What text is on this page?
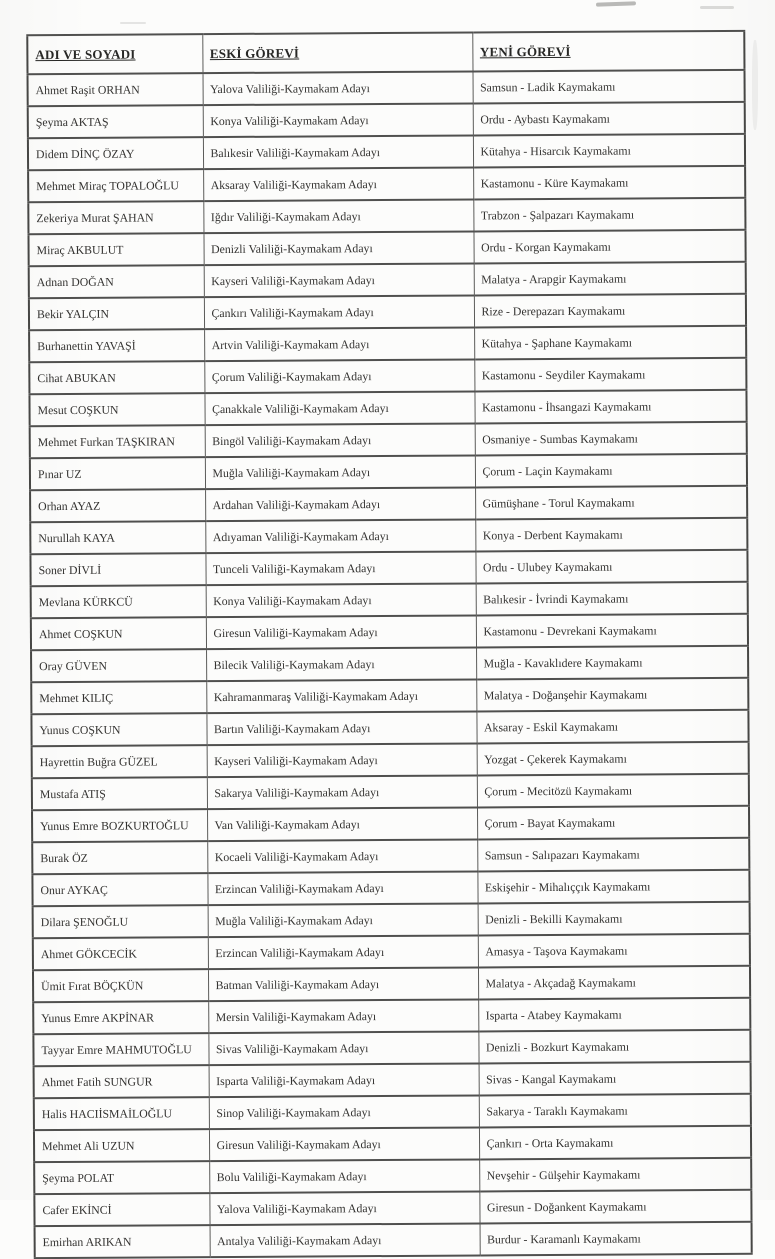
ADI VE SOYADI	ESKİ GÖREVİ	YENİ GÖREVİ
Ahmet Raşit ORHAN	Yalova Valiliği-Kaymakam Adayı	Samsun - Ladik Kaymakamı
Şeyma AKTAŞ	Konya Valiliği-Kaymakam Adayı	Ordu - Aybastı Kaymakamı
Didem DİNÇ ÖZAY	Balıkesir Valiliği-Kaymakam Adayı	Kütahya - Hisarcık Kaymakamı
Mehmet Miraç TOPALOĞLU	Aksaray Valiliği-Kaymakam Adayı	Kastamonu - Küre Kaymakamı
Zekeriya Murat ŞAHAN	Iğdır Valiliği-Kaymakam Adayı	Trabzon - Şalpazarı Kaymakamı
Miraç AKBULUT	Denizli Valiliği-Kaymakam Adayı	Ordu - Korgan Kaymakamı
Adnan DOĞAN	Kayseri Valiliği-Kaymakam Adayı	Malatya - Arapgir Kaymakamı
Bekir YALÇIN	Çankırı Valiliği-Kaymakam Adayı	Rize - Derepazarı Kaymakamı
Burhanettin YAVAŞİ	Artvin Valiliği-Kaymakam Adayı	Kütahya - Şaphane Kaymakamı
Cihat ABUKAN	Çorum Valiliği-Kaymakam Adayı	Kastamonu - Seydiler Kaymakamı
Mesut COŞKUN	Çanakkale Valiliği-Kaymakam Adayı	Kastamonu - İhsangazi Kaymakamı
Mehmet Furkan TAŞKIRAN	Bingöl Valiliği-Kaymakam Adayı	Osmaniye - Sumbas Kaymakamı
Pınar UZ	Muğla Valiliği-Kaymakam Adayı	Çorum - Laçin Kaymakamı
Orhan AYAZ	Ardahan Valiliği-Kaymakam Adayı	Gümüşhane - Torul Kaymakamı
Nurullah KAYA	Adıyaman Valiliği-Kaymakam Adayı	Konya - Derbent Kaymakamı
Soner DİVLİ	Tunceli Valiliği-Kaymakam Adayı	Ordu - Ulubey Kaymakamı
Mevlana KÜRKCÜ	Konya Valiliği-Kaymakam Adayı	Balıkesir - İvrindi Kaymakamı
Ahmet COŞKUN	Giresun Valiliği-Kaymakam Adayı	Kastamonu - Devrekani Kaymakamı
Oray GÜVEN	Bilecik Valiliği-Kaymakam Adayı	Muğla - Kavaklıdere Kaymakamı
Mehmet KILIÇ	Kahramanmaraş Valiliği-Kaymakam Adayı	Malatya - Doğanşehir Kaymakamı
Yunus COŞKUN	Bartın Valiliği-Kaymakam Adayı	Aksaray - Eskil Kaymakamı
Hayrettin Buğra GÜZEL	Kayseri Valiliği-Kaymakam Adayı	Yozgat - Çekerek Kaymakamı
Mustafa ATIŞ	Sakarya Valiliği-Kaymakam Adayı	Çorum - Mecitözü Kaymakamı
Yunus Emre BOZKURTOĞLU	Van Valiliği-Kaymakam Adayı	Çorum - Bayat Kaymakamı
Burak ÖZ	Kocaeli Valiliği-Kaymakam Adayı	Samsun - Salıpazarı Kaymakamı
Onur AYKAÇ	Erzincan Valiliği-Kaymakam Adayı	Eskişehir - Mihalıççık Kaymakamı
Dilara ŞENOĞLU	Muğla Valiliği-Kaymakam Adayı	Denizli - Bekilli Kaymakamı
Ahmet GÖKCECİK	Erzincan Valiliği-Kaymakam Adayı	Amasya - Taşova Kaymakamı
Ümit Fırat BÖÇKÜN	Batman Valiliği-Kaymakam Adayı	Malatya - Akçadağ Kaymakamı
Yunus Emre AKPİNAR	Mersin Valiliği-Kaymakam Adayı	Isparta - Atabey Kaymakamı
Tayyar Emre MAHMUTOĞLU	Sivas Valiliği-Kaymakam Adayı	Denizli - Bozkurt Kaymakamı
Ahmet Fatih SUNGUR	Isparta Valiliği-Kaymakam Adayı	Sivas - Kangal Kaymakamı
Halis HACIİSMAİLOĞLU	Sinop Valiliği-Kaymakam Adayı	Sakarya - Taraklı Kaymakamı
Mehmet Ali UZUN	Giresun Valiliği-Kaymakam Adayı	Çankırı - Orta Kaymakamı
Şeyma POLAT	Bolu Valiliği-Kaymakam Adayı	Nevşehir - Gülşehir Kaymakamı
Cafer EKİNCİ	Yalova Valiliği-Kaymakam Adayı	Giresun - Doğankent Kaymakamı
Emirhan ARIKAN	Antalya Valiliği-Kaymakam Adayı	Burdur - Karamanlı Kaymakamı
